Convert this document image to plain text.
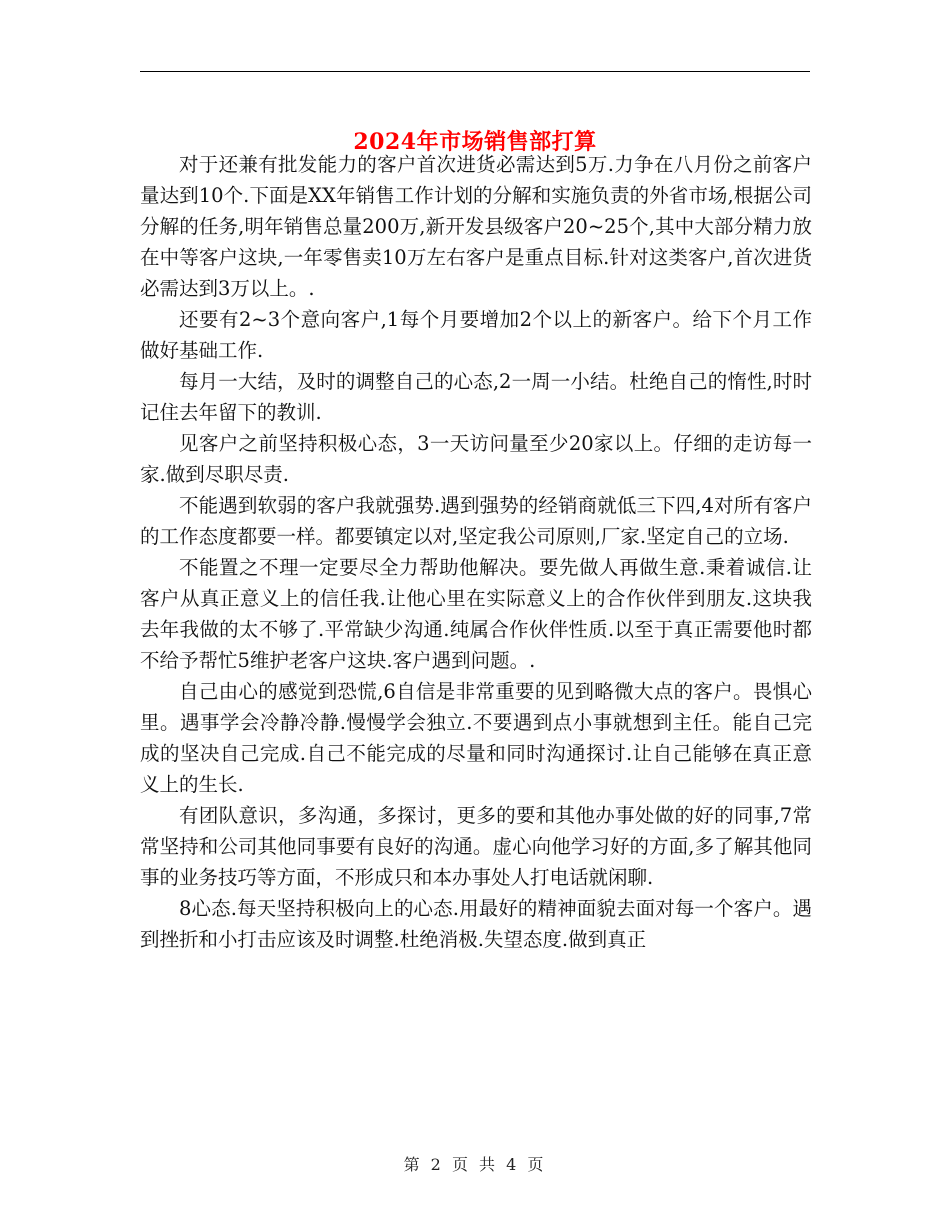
2024年市场销售部打算

对于还兼有批发能力的客户首次进货必需达到5万.力争在八月份之前客户量达到10个.下面是XX年销售工作计划的分解和实施负责的外省市场,根据公司分解的任务,明年销售总量200万,新开发县级客户20~25个,其中大部分精力放在中等客户这块,一年零售卖10万左右客户是重点目标.针对这类客户,首次进货必需达到3万以上。.

还要有2~3个意向客户,1每个月要增加2个以上的新客户。给下个月工作做好基础工作.

每月一大结，及时的调整自己的心态,2一周一小结。杜绝自己的惰性,时时记住去年留下的教训.

见客户之前坚持积极心态，3一天访问量至少20家以上。仔细的走访每一家.做到尽职尽责.

不能遇到软弱的客户我就强势.遇到强势的经销商就低三下四,4对所有客户的工作态度都要一样。都要镇定以对,坚定我公司原则,厂家.坚定自己的立场.

不能置之不理一定要尽全力帮助他解决。要先做人再做生意.秉着诚信.让客户从真正意义上的信任我.让他心里在实际意义上的合作伙伴到朋友.这块我去年我做的太不够了.平常缺少沟通.纯属合作伙伴性质.以至于真正需要他时都不给予帮忙5维护老客户这块.客户遇到问题。.

自己由心的感觉到恐慌,6自信是非常重要的见到略微大点的客户。畏惧心里。遇事学会冷静冷静.慢慢学会独立.不要遇到点小事就想到主任。能自己完成的坚决自己完成.自己不能完成的尽量和同时沟通探讨.让自己能够在真正意义上的生长.

有团队意识，多沟通，多探讨，更多的要和其他办事处做的好的同事,7常常坚持和公司其他同事要有良好的沟通。虚心向他学习好的方面,多了解其他同事的业务技巧等方面，不形成只和本办事处人打电话就闲聊.

8心态.每天坚持积极向上的心态.用最好的精神面貌去面对每一个客户。遇到挫折和小打击应该及时调整.杜绝消极.失望态度.做到真正

第 2 页 共 4 页
